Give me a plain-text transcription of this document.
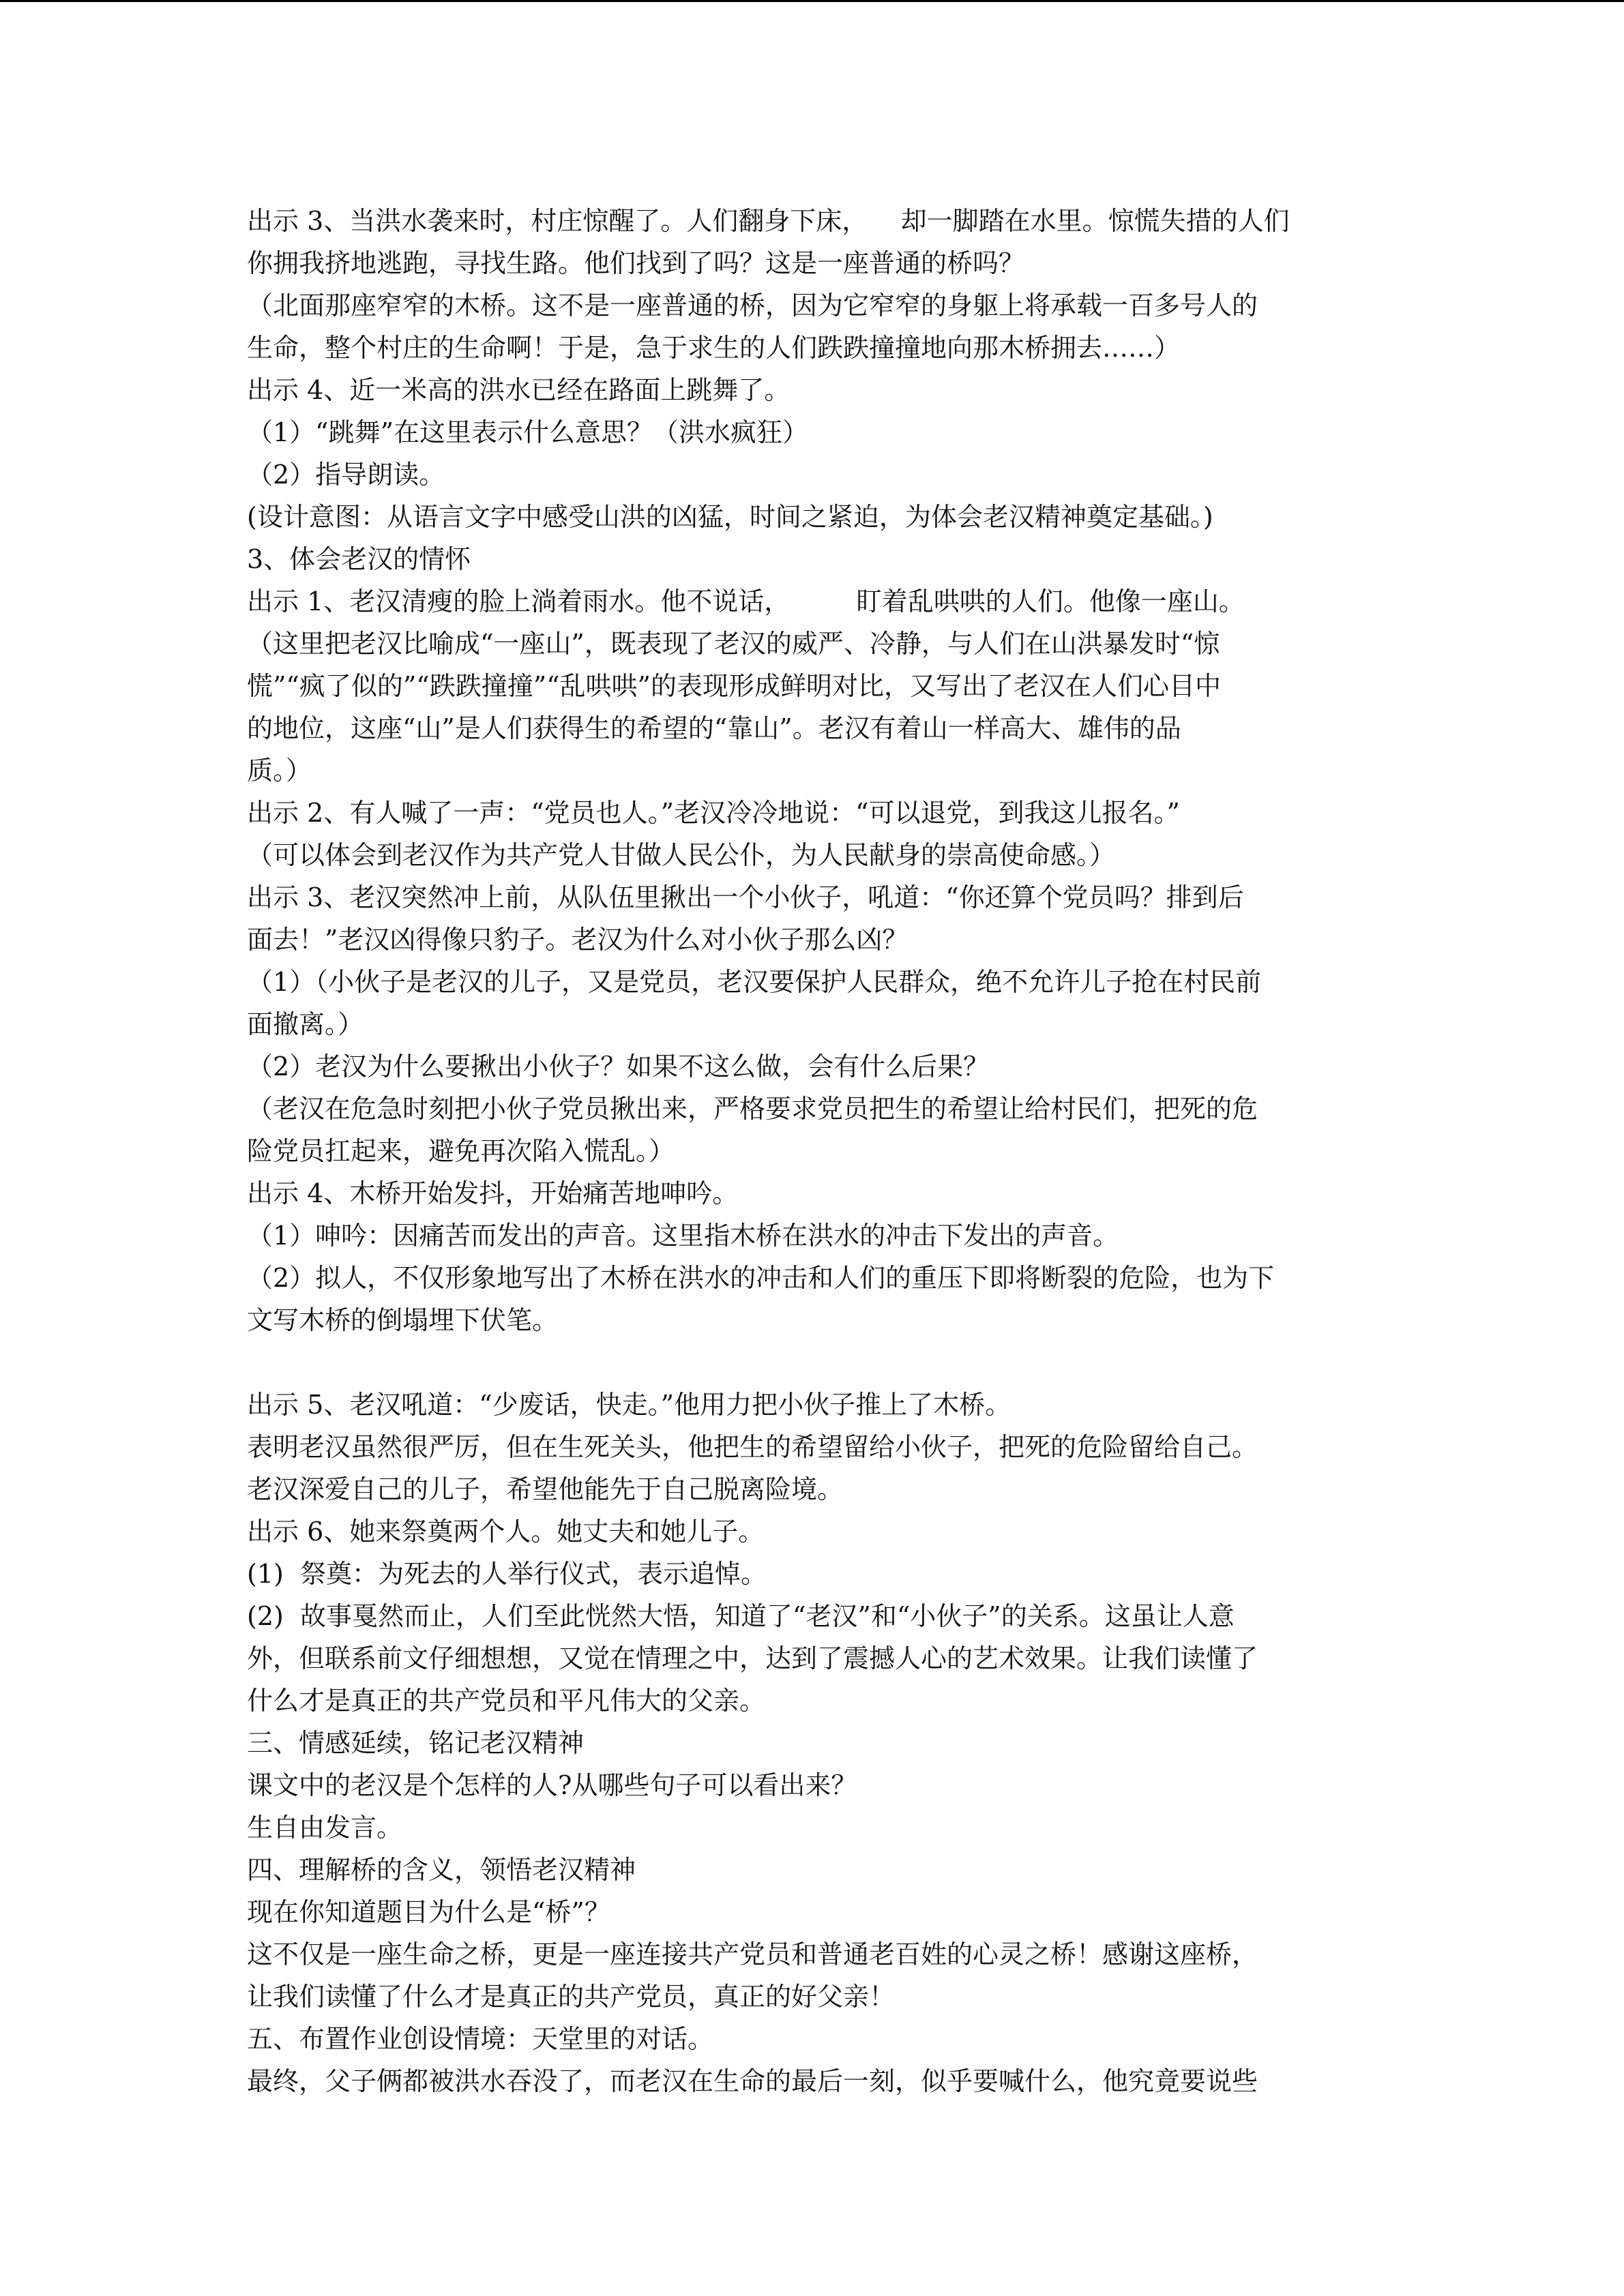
出示 3、当洪水袭来时，村庄惊醒了。人们翻身下床，    却一脚踏在水里。惊慌失措的人们
你拥我挤地逃跑，寻找生路。他们找到了吗？这是一座普通的桥吗？
（北面那座窄窄的木桥。这不是一座普通的桥，因为它窄窄的身躯上将承载一百多号人的
生命，整个村庄的生命啊！于是，急于求生的人们跌跌撞撞地向那木桥拥去……）
出示 4、近一米高的洪水已经在路面上跳舞了。
（1）“跳舞”在这里表示什么意思？（洪水疯狂）
（2）指导朗读。
(设计意图：从语言文字中感受山洪的凶猛，时间之紧迫，为体会老汉精神奠定基础。)
3、体会老汉的情怀
出示 1、老汉清瘦的脸上淌着雨水。他不说话，        盯着乱哄哄的人们。他像一座山。
（这里把老汉比喻成“一座山”，既表现了老汉的威严、冷静，与人们在山洪暴发时“惊
慌”“疯了似的”“跌跌撞撞”“乱哄哄”的表现形成鲜明对比，又写出了老汉在人们心目中
的地位，这座“山”是人们获得生的希望的“靠山”。老汉有着山一样高大、雄伟的品
质。）
出示 2、有人喊了一声：“党员也人。”老汉冷冷地说：“可以退党，到我这儿报名。”
（可以体会到老汉作为共产党人甘做人民公仆，为人民献身的崇高使命感。）
出示 3、老汉突然冲上前，从队伍里揪出一个小伙子，吼道：“你还算个党员吗？排到后
面去！”老汉凶得像只豹子。老汉为什么对小伙子那么凶？
（1）（小伙子是老汉的儿子，又是党员，老汉要保护人民群众，绝不允许儿子抢在村民前
面撤离。）
（2）老汉为什么要揪出小伙子？如果不这么做，会有什么后果？
（老汉在危急时刻把小伙子党员揪出来，严格要求党员把生的希望让给村民们，把死的危
险党员扛起来，避免再次陷入慌乱。）
出示 4、木桥开始发抖，开始痛苦地呻吟。
（1）呻吟：因痛苦而发出的声音。这里指木桥在洪水的冲击下发出的声音。
（2）拟人，不仅形象地写出了木桥在洪水的冲击和人们的重压下即将断裂的危险，也为下
文写木桥的倒塌埋下伏笔。
出示 5、老汉吼道：“少废话，快走。”他用力把小伙子推上了木桥。
表明老汉虽然很严厉，但在生死关头，他把生的希望留给小伙子，把死的危险留给自己。
老汉深爱自己的儿子，希望他能先于自己脱离险境。
出示 6、她来祭奠两个人。她丈夫和她儿子。
(1)  祭奠：为死去的人举行仪式，表示追悼。
(2)  故事戛然而止，人们至此恍然大悟，知道了“老汉”和“小伙子”的关系。这虽让人意
外，但联系前文仔细想想，又觉在情理之中，达到了震撼人心的艺术效果。让我们读懂了
什么才是真正的共产党员和平凡伟大的父亲。
三、情感延续，铭记老汉精神
课文中的老汉是个怎样的人?从哪些句子可以看出来？
生自由发言。
四、理解桥的含义，领悟老汉精神
现在你知道题目为什么是“桥”？
这不仅是一座生命之桥，更是一座连接共产党员和普通老百姓的心灵之桥！感谢这座桥，
让我们读懂了什么才是真正的共产党员，真正的好父亲！
五、布置作业创设情境：天堂里的对话。
最终，父子俩都被洪水吞没了，而老汉在生命的最后一刻，似乎要喊什么，他究竟要说些
